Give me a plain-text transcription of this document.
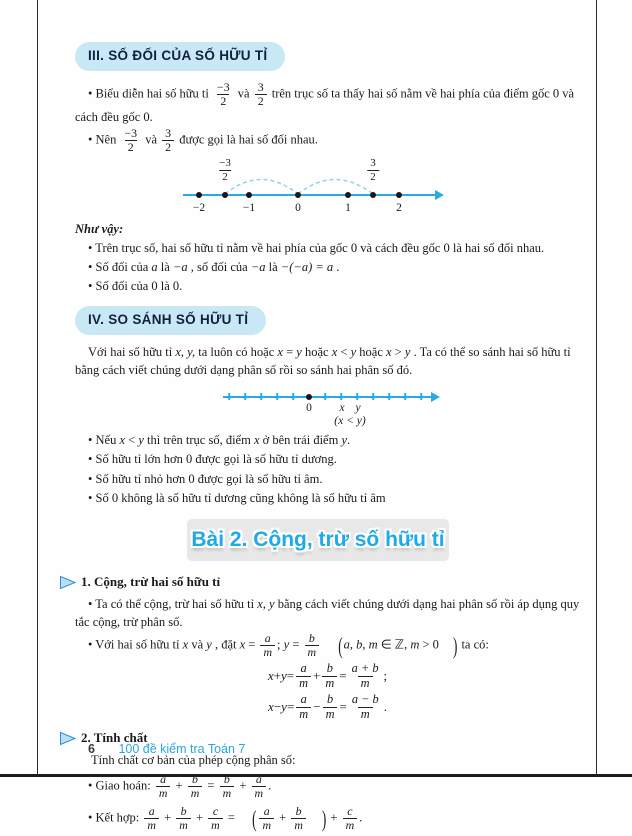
III. SỐ ĐỐI CỦA SỐ HỮU TỈ

• Biểu diễn hai số hữu tỉ $\frac{-3}{2}$ và $\frac{3}{2}$ trên trục số ta thấy hai số nằm về hai phía của điểm gốc 0 và cách đều gốc 0.

• Nên $\frac{-3}{2}$ và $\frac{3}{2}$ được gọi là hai số đối nhau.

$\frac{-3}{2}$	$\frac{3}{2}$
−2	−1	0	1	2

Như vậy:

• Trên trục số, hai số hữu tỉ nằm về hai phía của gốc 0 và cách đều gốc 0 là hai số đối nhau.

• Số đối của a là −a , số đối của −a là −(−a) = a .

• Số đối của 0 là 0.

IV. SO SÁNH SỐ HỮU TỈ

Với hai số hữu tỉ x, y, ta luôn có hoặc x = y hoặc x < y hoặc x > y . Ta có thể so sánh hai số hữu tỉ bằng cách viết chúng dưới dạng phân số rồi so sánh hai phân số đó.

0 x y
(x < y)

• Nếu x < y thì trên trục số, điểm x ở bên trái điểm y.

• Số hữu tỉ lớn hơn 0 được gọi là số hữu tỉ dương.

• Số hữu tỉ nhỏ hơn 0 được gọi là số hữu tỉ âm.

• Số 0 không là số hữu tỉ dương cũng không là số hữu tỉ âm

Bài 2. Cộng, trừ số hữu tỉ
1. Cộng, trừ hai số hữu tỉ

• Ta có thể cộng, trừ hai số hữu tỉ x, y bằng cách viết chúng dưới dạng hai phân số rồi áp dụng quy tắc cộng, trừ phân số.

• Với hai số hữu tỉ x và y , đặt $x = \frac{a}{m}$ ; $y = \frac{b}{m} (a$, b, m ∈ ℤ, m > 0 ) ta có:

$x + y = \frac{a}{m} + \frac{b}{m} = \frac{a + b}{m}$ ;
$x - y = \frac{a}{m} - \frac{b}{m} = \frac{a - b}{m}$ .
2. Tính chất

Tính chất cơ bản của phép cộng phân số:

• Giao hoán: $\frac{a}{m} + \frac{b}{m} = \frac{b}{m} + \frac{a}{m}$ .

• Kết hợp: $\frac{a}{m} + \frac{b}{m} + \frac{c}{m}$ = ( $\frac{a}{m} + \frac{b}{m}$ ) + $\frac{c}{m}$ .

6 100 đề kiểm tra Toán 7
